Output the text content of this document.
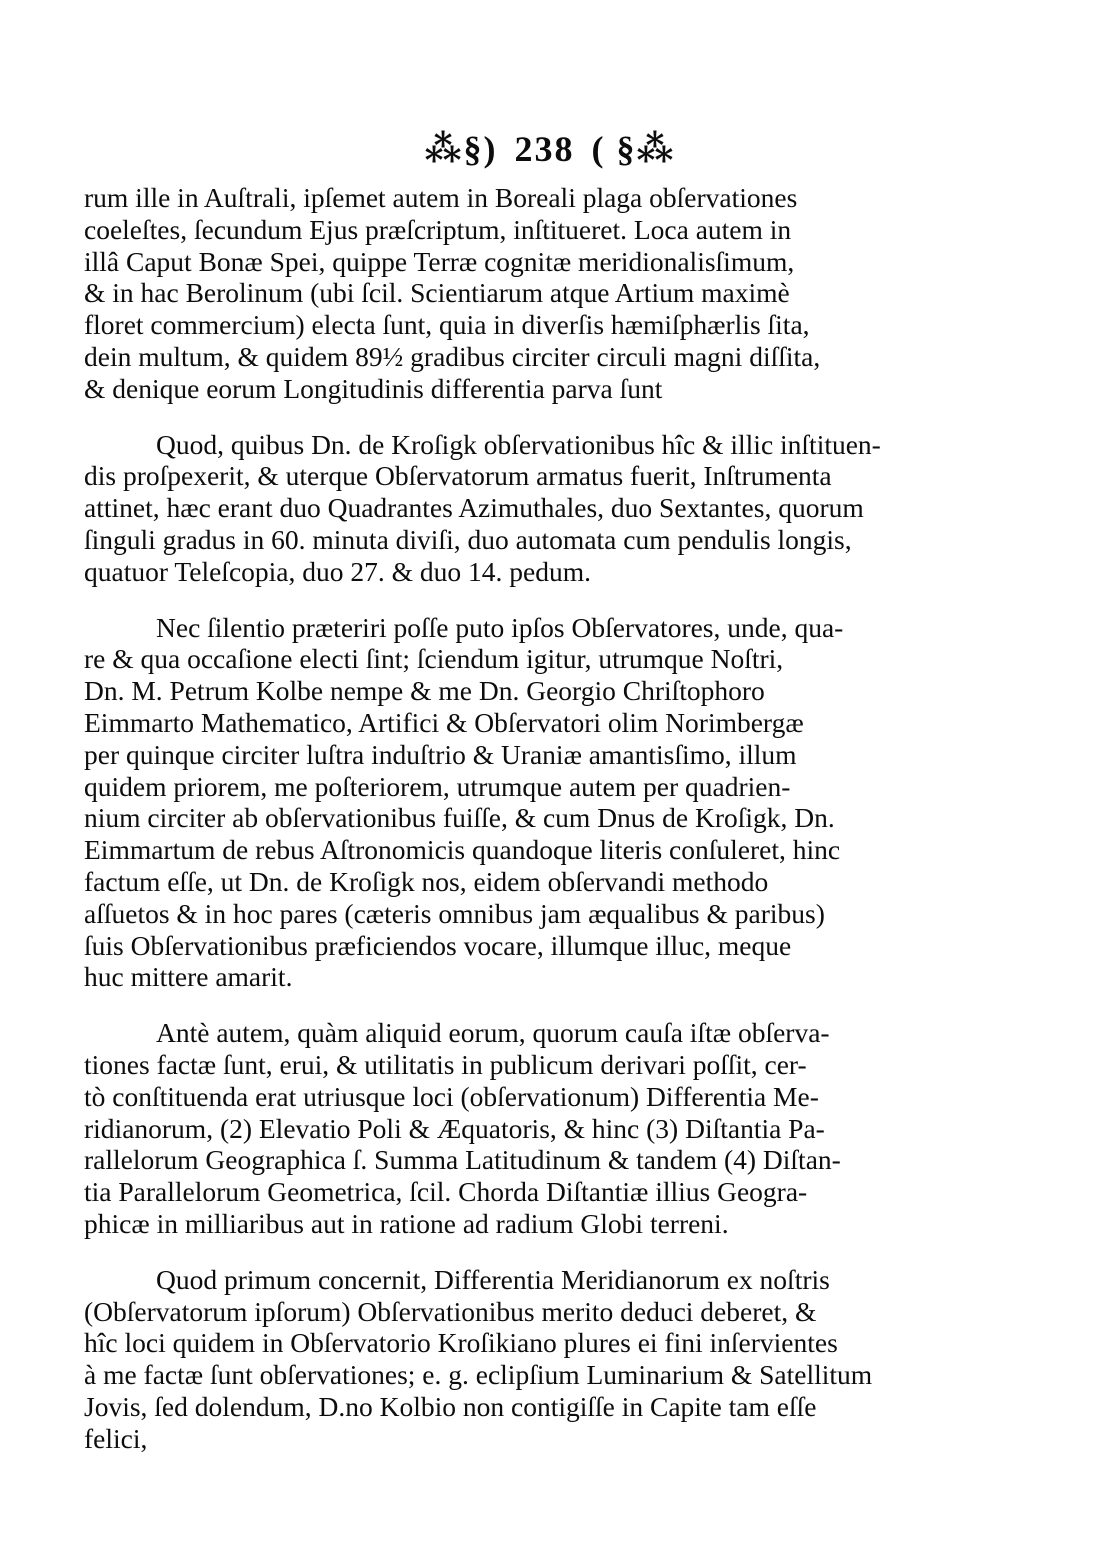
⁂§) 238 ( §⁂
rum ille in Auſtrali, ipſemet autem in Boreali plaga obſervationes
coeleſtes, ſecundum Ejus præſcriptum, inſtitueret. Loca autem in
illâ Caput Bonæ Spei, quippe Terræ cognitæ meridionalisſimum,
& in hac Berolinum (ubi ſcil. Scientiarum atque Artium maximè
floret commercium) electa ſunt, quia in diverſis hæmiſphærlis ſita,
dein multum, & quidem 89½ gradibus circiter circuli magni diſſita,
& denique eorum Longitudinis differentia parva ſunt
Quod, quibus Dn. de Kroſigk obſervationibus hîc & illic inſtituen-
dis proſpexerit, & uterque Obſervatorum armatus fuerit, Inſtrumenta
attinet, hæc erant duo Quadrantes Azimuthales, duo Sextantes, quorum
ſinguli gradus in 60. minuta diviſi, duo automata cum pendulis longis,
quatuor Teleſcopia, duo 27. & duo 14. pedum.
Nec ſilentio præteriri poſſe puto ipſos Obſervatores, unde, qua-
re & qua occaſione electi ſint; ſciendum igitur, utrumque Noſtri,
Dn. M. Petrum Kolbe nempe & me Dn. Georgio Chriſtophoro
Eimmarto Mathematico, Artifici & Obſervatori olim Norimbergæ
per quinque circiter luſtra induſtrio & Uraniæ amantisſimo, illum
quidem priorem, me poſteriorem, utrumque autem per quadrien-
nium circiter ab obſervationibus fuiſſe, & cum Dnus de Kroſigk, Dn.
Eimmartum de rebus Aſtronomicis quandoque literis conſuleret, hinc
factum eſſe, ut Dn. de Kroſigk nos, eidem obſervandi methodo
aſſuetos & in hoc pares (cæteris omnibus jam æqualibus & paribus)
ſuis Obſervationibus præficiendos vocare, illumque illuc, meque
huc mittere amarit.
Antè autem, quàm aliquid eorum, quorum cauſa iſtæ obſerva-
tiones factæ ſunt, erui, & utilitatis in publicum derivari poſſit, cer-
tò conſtituenda erat utriusque loci (obſervationum) Differentia Me-
ridianorum, (2) Elevatio Poli & Æquatoris, & hinc (3) Diſtantia Pa-
rallelorum Geographica ſ. Summa Latitudinum & tandem (4) Diſtan-
tia Parallelorum Geometrica, ſcil. Chorda Diſtantiæ illius Geogra-
phicæ in milliaribus aut in ratione ad radium Globi terreni.
Quod primum concernit, Differentia Meridianorum ex noſtris
(Obſervatorum ipſorum) Obſervationibus merito deduci deberet, &
hîc loci quidem in Obſervatorio Kroſikiano plures ei fini inſervientes
à me factæ ſunt obſervationes; e. g. eclipſium Luminarium & Satellitum
Jovis, ſed dolendum, D.no Kolbio non contigiſſe in Capite tam eſſe
felici,
